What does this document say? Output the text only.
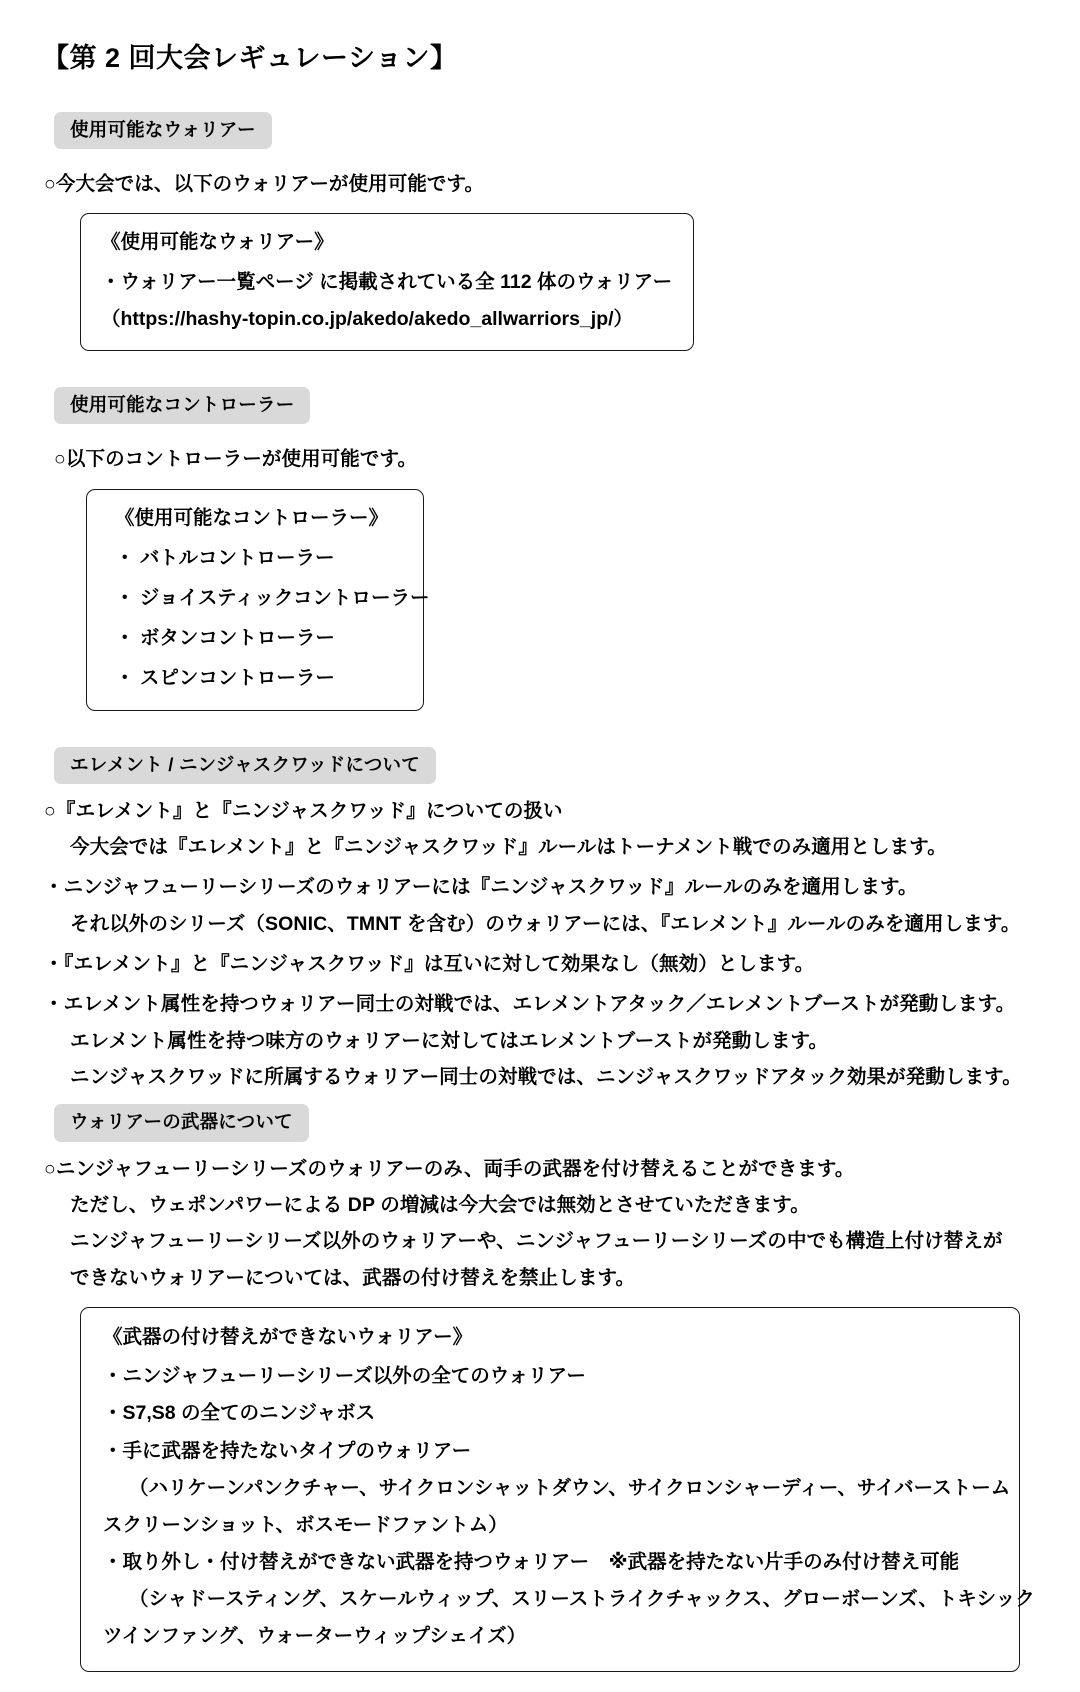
【第 2 回大会レギュレーション】
使用可能なウォリアー
○今大会では、以下のウォリアーが使用可能です。
《使用可能なウォリアー》
・ウォリアー一覧ページ に掲載されている全 112 体のウォリアー
（https://hashy-topin.co.jp/akedo/akedo_allwarriors_jp/）
使用可能なコントローラー
○以下のコントローラーが使用可能です。
《使用可能なコントローラー》
・ バトルコントローラー
・ ジョイスティックコントローラー
・ ボタンコントローラー
・ スピンコントローラー
エレメント / ニンジャスクワッドについて
○『エレメント』と『ニンジャスクワッド』についての扱い
今大会では『エレメント』と『ニンジャスクワッド』ルールはトーナメント戦でのみ適用とします。
・ニンジャフューリーシリーズのウォリアーには『ニンジャスクワッド』ルールのみを適用します。
それ以外のシリーズ（SONIC、TMNT を含む）のウォリアーには、『エレメント』ルールのみを適用します。
・『エレメント』と『ニンジャスクワッド』は互いに対して効果なし（無効）とします。
・エレメント属性を持つウォリアー同士の対戦では、エレメントアタック／エレメントブーストが発動します。
エレメント属性を持つ味方のウォリアーに対してはエレメントブーストが発動します。
ニンジャスクワッドに所属するウォリアー同士の対戦では、ニンジャスクワッドアタック効果が発動します。
ウォリアーの武器について
○ニンジャフューリーシリーズのウォリアーのみ、両手の武器を付け替えることができます。
ただし、ウェポンパワーによる DP の増減は今大会では無効とさせていただきます。
ニンジャフューリーシリーズ以外のウォリアーや、ニンジャフューリーシリーズの中でも構造上付け替えが
できないウォリアーについては、武器の付け替えを禁止します。
《武器の付け替えができないウォリアー》
・ニンジャフューリーシリーズ以外の全てのウォリアー
・S7,S8 の全てのニンジャボス
・手に武器を持たないタイプのウォリアー
（ハリケーンパンクチャー、サイクロンシャットダウン、サイクロンシャーディー、サイバーストーム
スクリーンショット、ボスモードファントム）
・取り外し・付け替えができない武器を持つウォリアー　※武器を持たない片手のみ付け替え可能
（シャドースティング、スケールウィップ、スリーストライクチャックス、グローボーンズ、トキシック
ツインファング、ウォーターウィップシェイズ）
